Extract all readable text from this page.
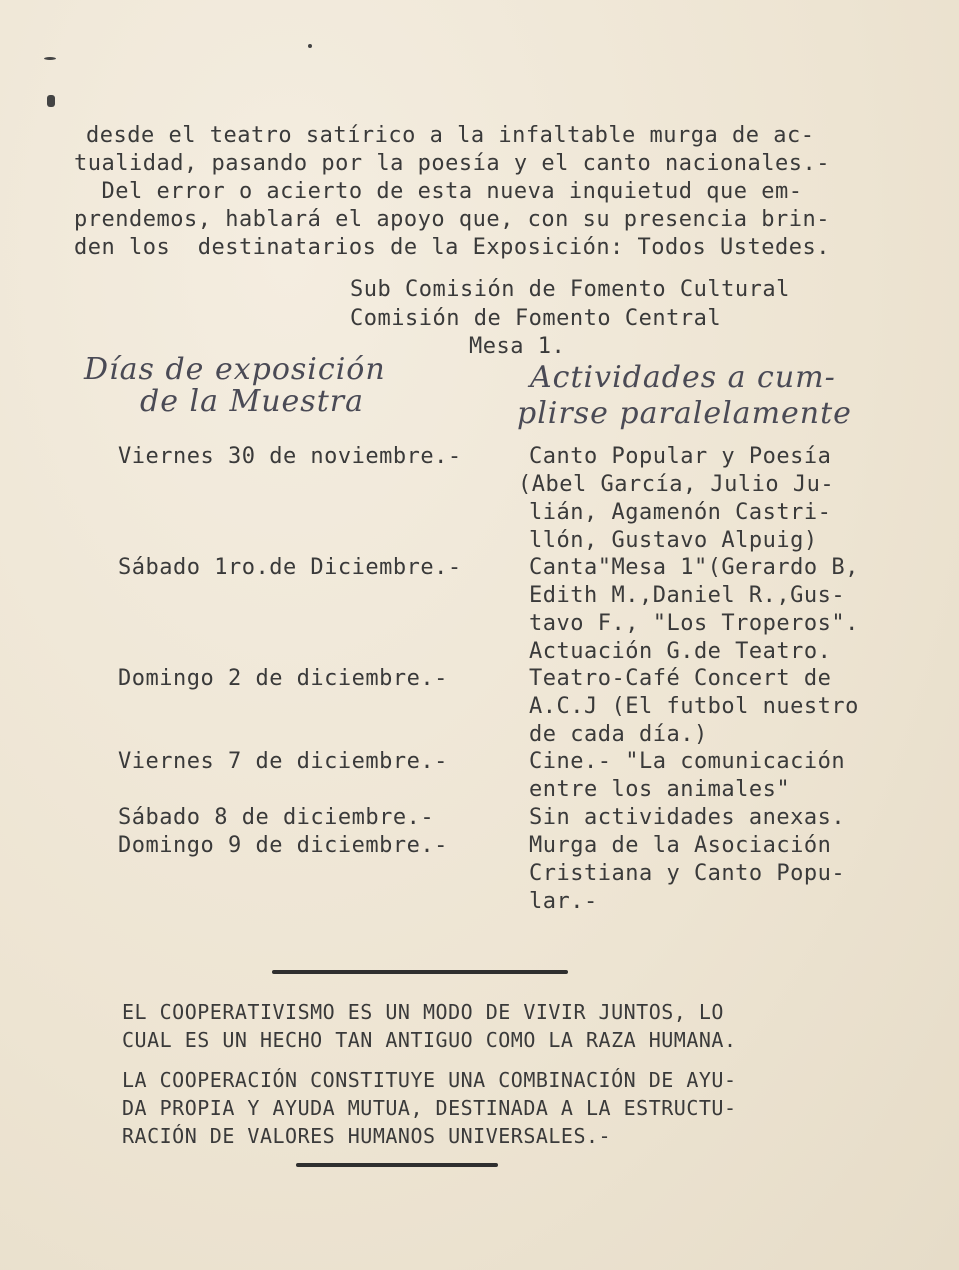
desde el teatro satírico a la infaltable murga de ac-
tualidad, pasando por la poesía y el canto nacionales.-
Del error o acierto de esta nueva inquietud que em-
prendemos, hablará el apoyo que, con su presencia brin-
den los  destinatarios de la Exposición: Todos Ustedes.
Sub Comisión de Fomento Cultural
Comisión de Fomento Central
Mesa 1.
Días de exposición
de la Muestra
Actividades a cum-
plirse paralelamente
Viernes 30 de noviembre.-
Sábado 1ro.de Diciembre.-
Domingo 2 de diciembre.-
Viernes 7 de diciembre.-
Sábado 8 de diciembre.-
Domingo 9 de diciembre.-
Canto Popular y Poesía
(Abel García, Julio Ju-
lián, Agamenón Castri-
llón, Gustavo Alpuig)
Canta"Mesa 1"(Gerardo B,
Edith M.,Daniel R.,Gus-
tavo F., "Los Troperos".
Actuación G.de Teatro.
Teatro-Café Concert de
A.C.J (El futbol nuestro
de cada día.)
Cine.- "La comunicación
entre los animales"
Sin actividades anexas.
Murga de la Asociación
Cristiana y Canto Popu-
lar.-
EL COOPERATIVISMO ES UN MODO DE VIVIR JUNTOS, LO
CUAL ES UN HECHO TAN ANTIGUO COMO LA RAZA HUMANA.
LA COOPERACIÓN CONSTITUYE UNA COMBINACIÓN DE AYU-
DA PROPIA Y AYUDA MUTUA, DESTINADA A LA ESTRUCTU-
RACIÓN DE VALORES HUMANOS UNIVERSALES.-
